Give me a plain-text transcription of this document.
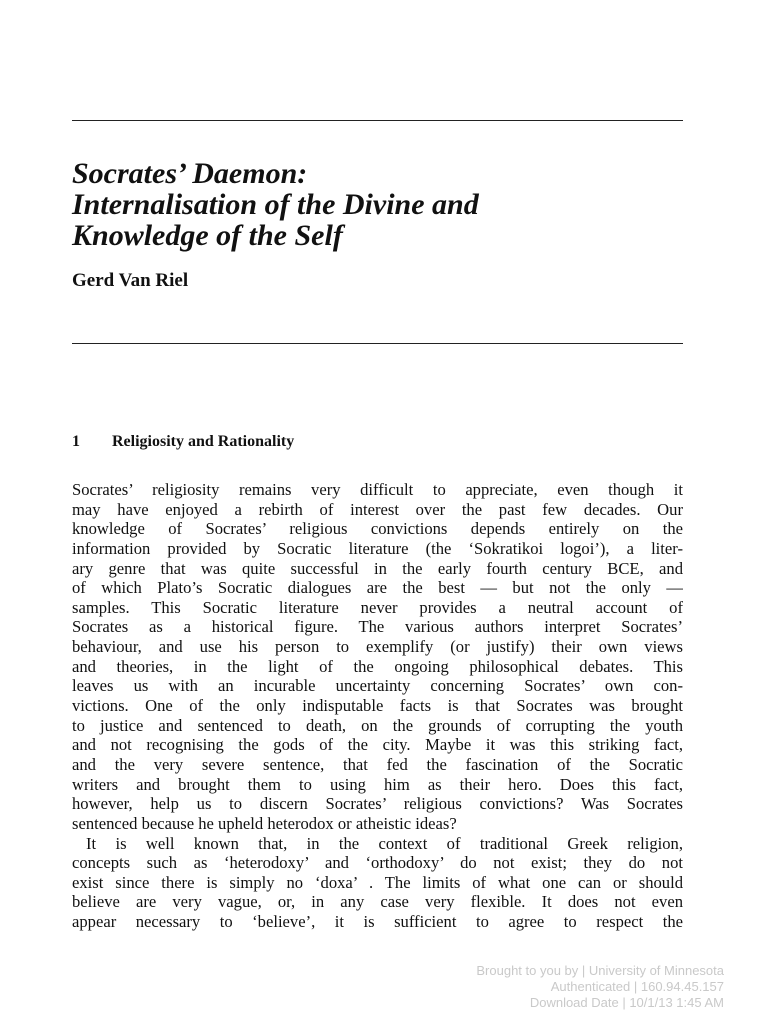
Socrates’ Daemon:
Internalisation of the Divine and
Knowledge of the Self

Gerd Van Riel

1 Religiosity and Rationality
Socrates’ religiosity remains very difficult to appreciate, even though it
may have enjoyed a rebirth of interest over the past few decades. Our
knowledge of Socrates’ religious convictions depends entirely on the
information provided by Socratic literature (the ‘Sokratikoi logoi’), a liter-
ary genre that was quite successful in the early fourth century BCE, and
of which Plato’s Socratic dialogues are the best — but not the only —
samples. This Socratic literature never provides a neutral account of
Socrates as a historical figure. The various authors interpret Socrates’
behaviour, and use his person to exemplify (or justify) their own views
and theories, in the light of the ongoing philosophical debates. This
leaves us with an incurable uncertainty concerning Socrates’ own con-
victions. One of the only indisputable facts is that Socrates was brought
to justice and sentenced to death, on the grounds of corrupting the youth
and not recognising the gods of the city. Maybe it was this striking fact,
and the very severe sentence, that fed the fascination of the Socratic
writers and brought them to using him as their hero. Does this fact,
however, help us to discern Socrates’ religious convictions? Was Socrates
sentenced because he upheld heterodox or atheistic ideas?
It is well known that, in the context of traditional Greek religion,
concepts such as ‘heterodoxy’ and ‘orthodoxy’ do not exist; they do not
exist since there is simply no ‘doxa’ . The limits of what one can or should
believe are very vague, or, in any case very flexible. It does not even
appear necessary to ‘believe’, it is sufficient to agree to respect the
Brought to you by | University of Minnesota
Authenticated | 160.94.45.157
Download Date | 10/1/13 1:45 AM
